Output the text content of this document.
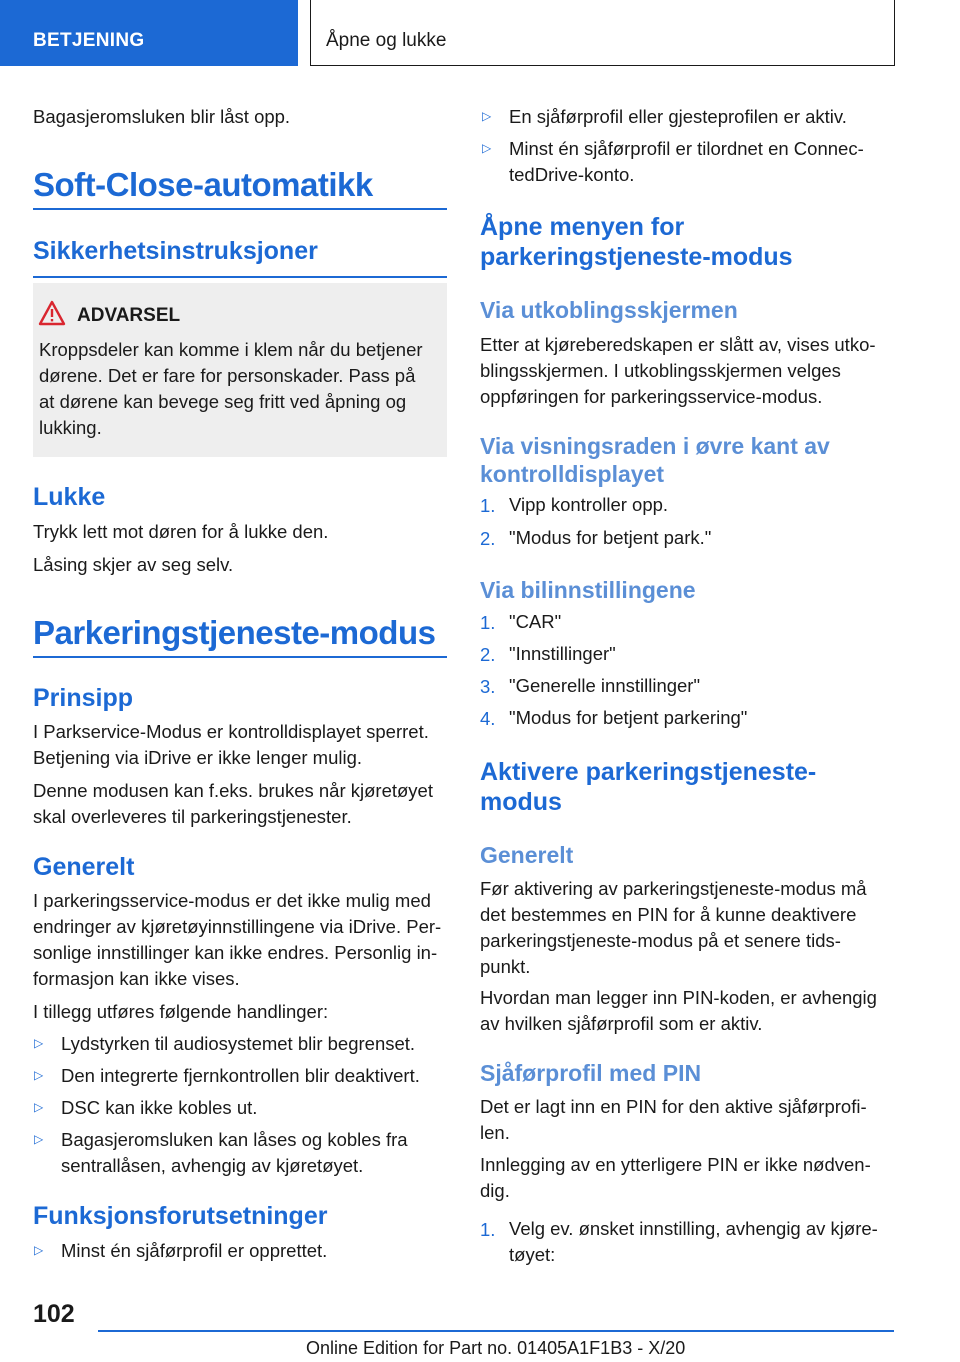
BETJENING	Åpne og lukke
Bagasjeromsluken blir låst opp.
Soft-Close-automatikk
Sikkerhetsinstruksjoner
ADVARSEL
Kroppsdeler kan komme i klem når du betjener
dørene. Det er fare for personskader. Pass på
at dørene kan bevege seg fritt ved åpning og
lukking.
Lukke
Trykk lett mot døren for å lukke den.
Låsing skjer av seg selv.
Parkeringstjeneste-modus
Prinsipp
I Parkservice-Modus er kontrolldisplayet sperret.
Betjening via iDrive er ikke lenger mulig.
Denne modusen kan f.eks. brukes når kjøretøyet
skal overleveres til parkeringstjenester.
Generelt
I parkeringsservice-modus er det ikke mulig med
endringer av kjøretøyinnstillingene via iDrive. Per-
sonlige innstillinger kan ikke endres. Personlig in-
formasjon kan ikke vises.
I tillegg utføres følgende handlinger:
▷ Lydstyrken til audiosystemet blir begrenset.
▷ Den integrerte fjernkontrollen blir deaktivert.
▷ DSC kan ikke kobles ut.
▷ Bagasjeromsluken kan låses og kobles fra
sentrallåsen, avhengig av kjøretøyet.
Funksjonsforutsetninger
▷ Minst én sjåførprofil er opprettet.
▷ En sjåførprofil eller gjesteprofilen er aktiv.
▷ Minst én sjåførprofil er tilordnet en Connec-
tedDrive-konto.
Åpne menyen for
parkeringstjeneste-modus
Via utkoblingsskjermen
Etter at kjøreberedskapen er slått av, vises utko-
blingsskjermen. I utkoblingsskjermen velges
oppføringen for parkeringsservice-modus.
Via visningsraden i øvre kant av
kontrolldisplayet
1. Vipp kontroller opp.
2. "Modus for betjent park."
Via bilinnstillingene
1. "CAR"
2. "Innstillinger"
3. "Generelle innstillinger"
4. "Modus for betjent parkering"
Aktivere parkeringstjeneste-
modus
Generelt
Før aktivering av parkeringstjeneste-modus må
det bestemmes en PIN for å kunne deaktivere
parkeringstjeneste-modus på et senere tids-
punkt.
Hvordan man legger inn PIN-koden, er avhengig
av hvilken sjåførprofil som er aktiv.
Sjåførprofil med PIN
Det er lagt inn en PIN for den aktive sjåførprofi-
len.
Innlegging av en ytterligere PIN er ikke nødven-
dig.
1. Velg ev. ønsket innstilling, avhengig av kjøre-
tøyet:
102
Online Edition for Part no. 01405A1F1B3 - X/20
